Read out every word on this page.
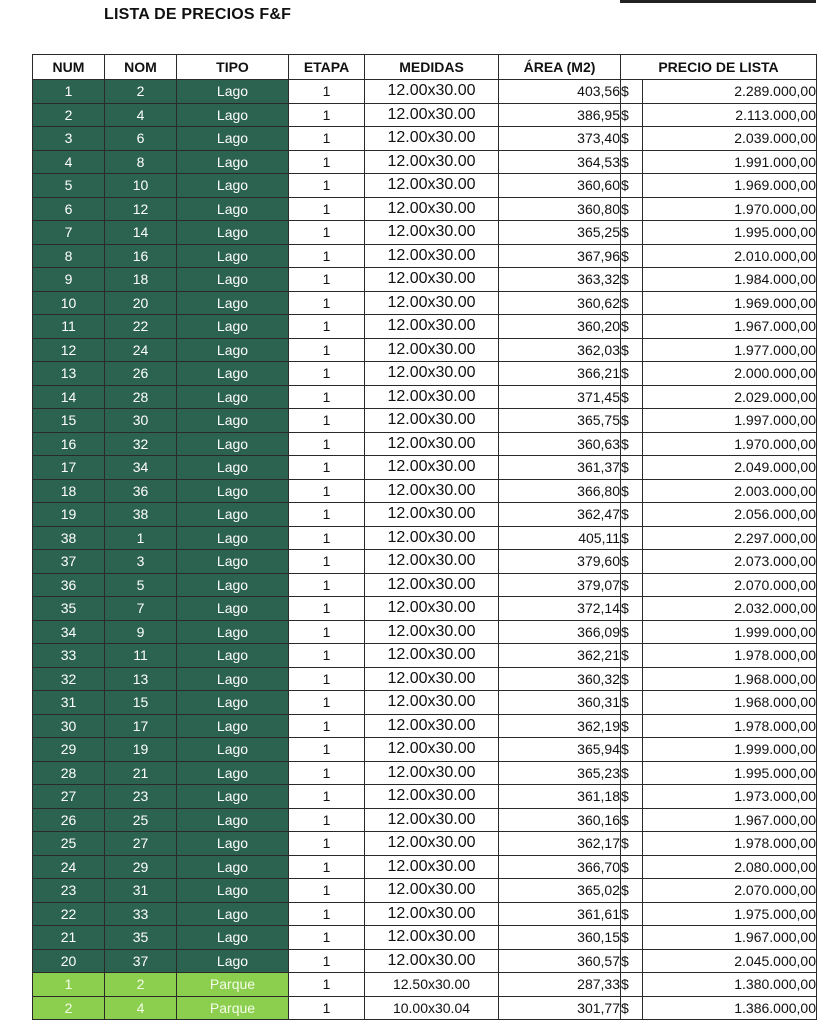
LISTA DE PRECIOS F&F
NUM	NOM	TIPO	ETAPA	MEDIDAS	ÁREA (M2)	PRECIO DE LISTA	
1	2	Lago	1	12.00x30.00	403,56	$	2.289.000,00
2	4	Lago	1	12.00x30.00	386,95	$	2.113.000,00
3	6	Lago	1	12.00x30.00	373,40	$	2.039.000,00
4	8	Lago	1	12.00x30.00	364,53	$	1.991.000,00
5	10	Lago	1	12.00x30.00	360,60	$	1.969.000,00
6	12	Lago	1	12.00x30.00	360,80	$	1.970.000,00
7	14	Lago	1	12.00x30.00	365,25	$	1.995.000,00
8	16	Lago	1	12.00x30.00	367,96	$	2.010.000,00
9	18	Lago	1	12.00x30.00	363,32	$	1.984.000,00
10	20	Lago	1	12.00x30.00	360,62	$	1.969.000,00
11	22	Lago	1	12.00x30.00	360,20	$	1.967.000,00
12	24	Lago	1	12.00x30.00	362,03	$	1.977.000,00
13	26	Lago	1	12.00x30.00	366,21	$	2.000.000,00
14	28	Lago	1	12.00x30.00	371,45	$	2.029.000,00
15	30	Lago	1	12.00x30.00	365,75	$	1.997.000,00
16	32	Lago	1	12.00x30.00	360,63	$	1.970.000,00
17	34	Lago	1	12.00x30.00	361,37	$	2.049.000,00
18	36	Lago	1	12.00x30.00	366,80	$	2.003.000,00
19	38	Lago	1	12.00x30.00	362,47	$	2.056.000,00
38	1	Lago	1	12.00x30.00	405,11	$	2.297.000,00
37	3	Lago	1	12.00x30.00	379,60	$	2.073.000,00
36	5	Lago	1	12.00x30.00	379,07	$	2.070.000,00
35	7	Lago	1	12.00x30.00	372,14	$	2.032.000,00
34	9	Lago	1	12.00x30.00	366,09	$	1.999.000,00
33	11	Lago	1	12.00x30.00	362,21	$	1.978.000,00
32	13	Lago	1	12.00x30.00	360,32	$	1.968.000,00
31	15	Lago	1	12.00x30.00	360,31	$	1.968.000,00
30	17	Lago	1	12.00x30.00	362,19	$	1.978.000,00
29	19	Lago	1	12.00x30.00	365,94	$	1.999.000,00
28	21	Lago	1	12.00x30.00	365,23	$	1.995.000,00
27	23	Lago	1	12.00x30.00	361,18	$	1.973.000,00
26	25	Lago	1	12.00x30.00	360,16	$	1.967.000,00
25	27	Lago	1	12.00x30.00	362,17	$	1.978.000,00
24	29	Lago	1	12.00x30.00	366,70	$	2.080.000,00
23	31	Lago	1	12.00x30.00	365,02	$	2.070.000,00
22	33	Lago	1	12.00x30.00	361,61	$	1.975.000,00
21	35	Lago	1	12.00x30.00	360,15	$	1.967.000,00
20	37	Lago	1	12.00x30.00	360,57	$	2.045.000,00
1	2	Parque	1	12.50x30.00	287,33	$	1.380.000,00
2	4	Parque	1	10.00x30.04	301,77	$	1.386.000,00
